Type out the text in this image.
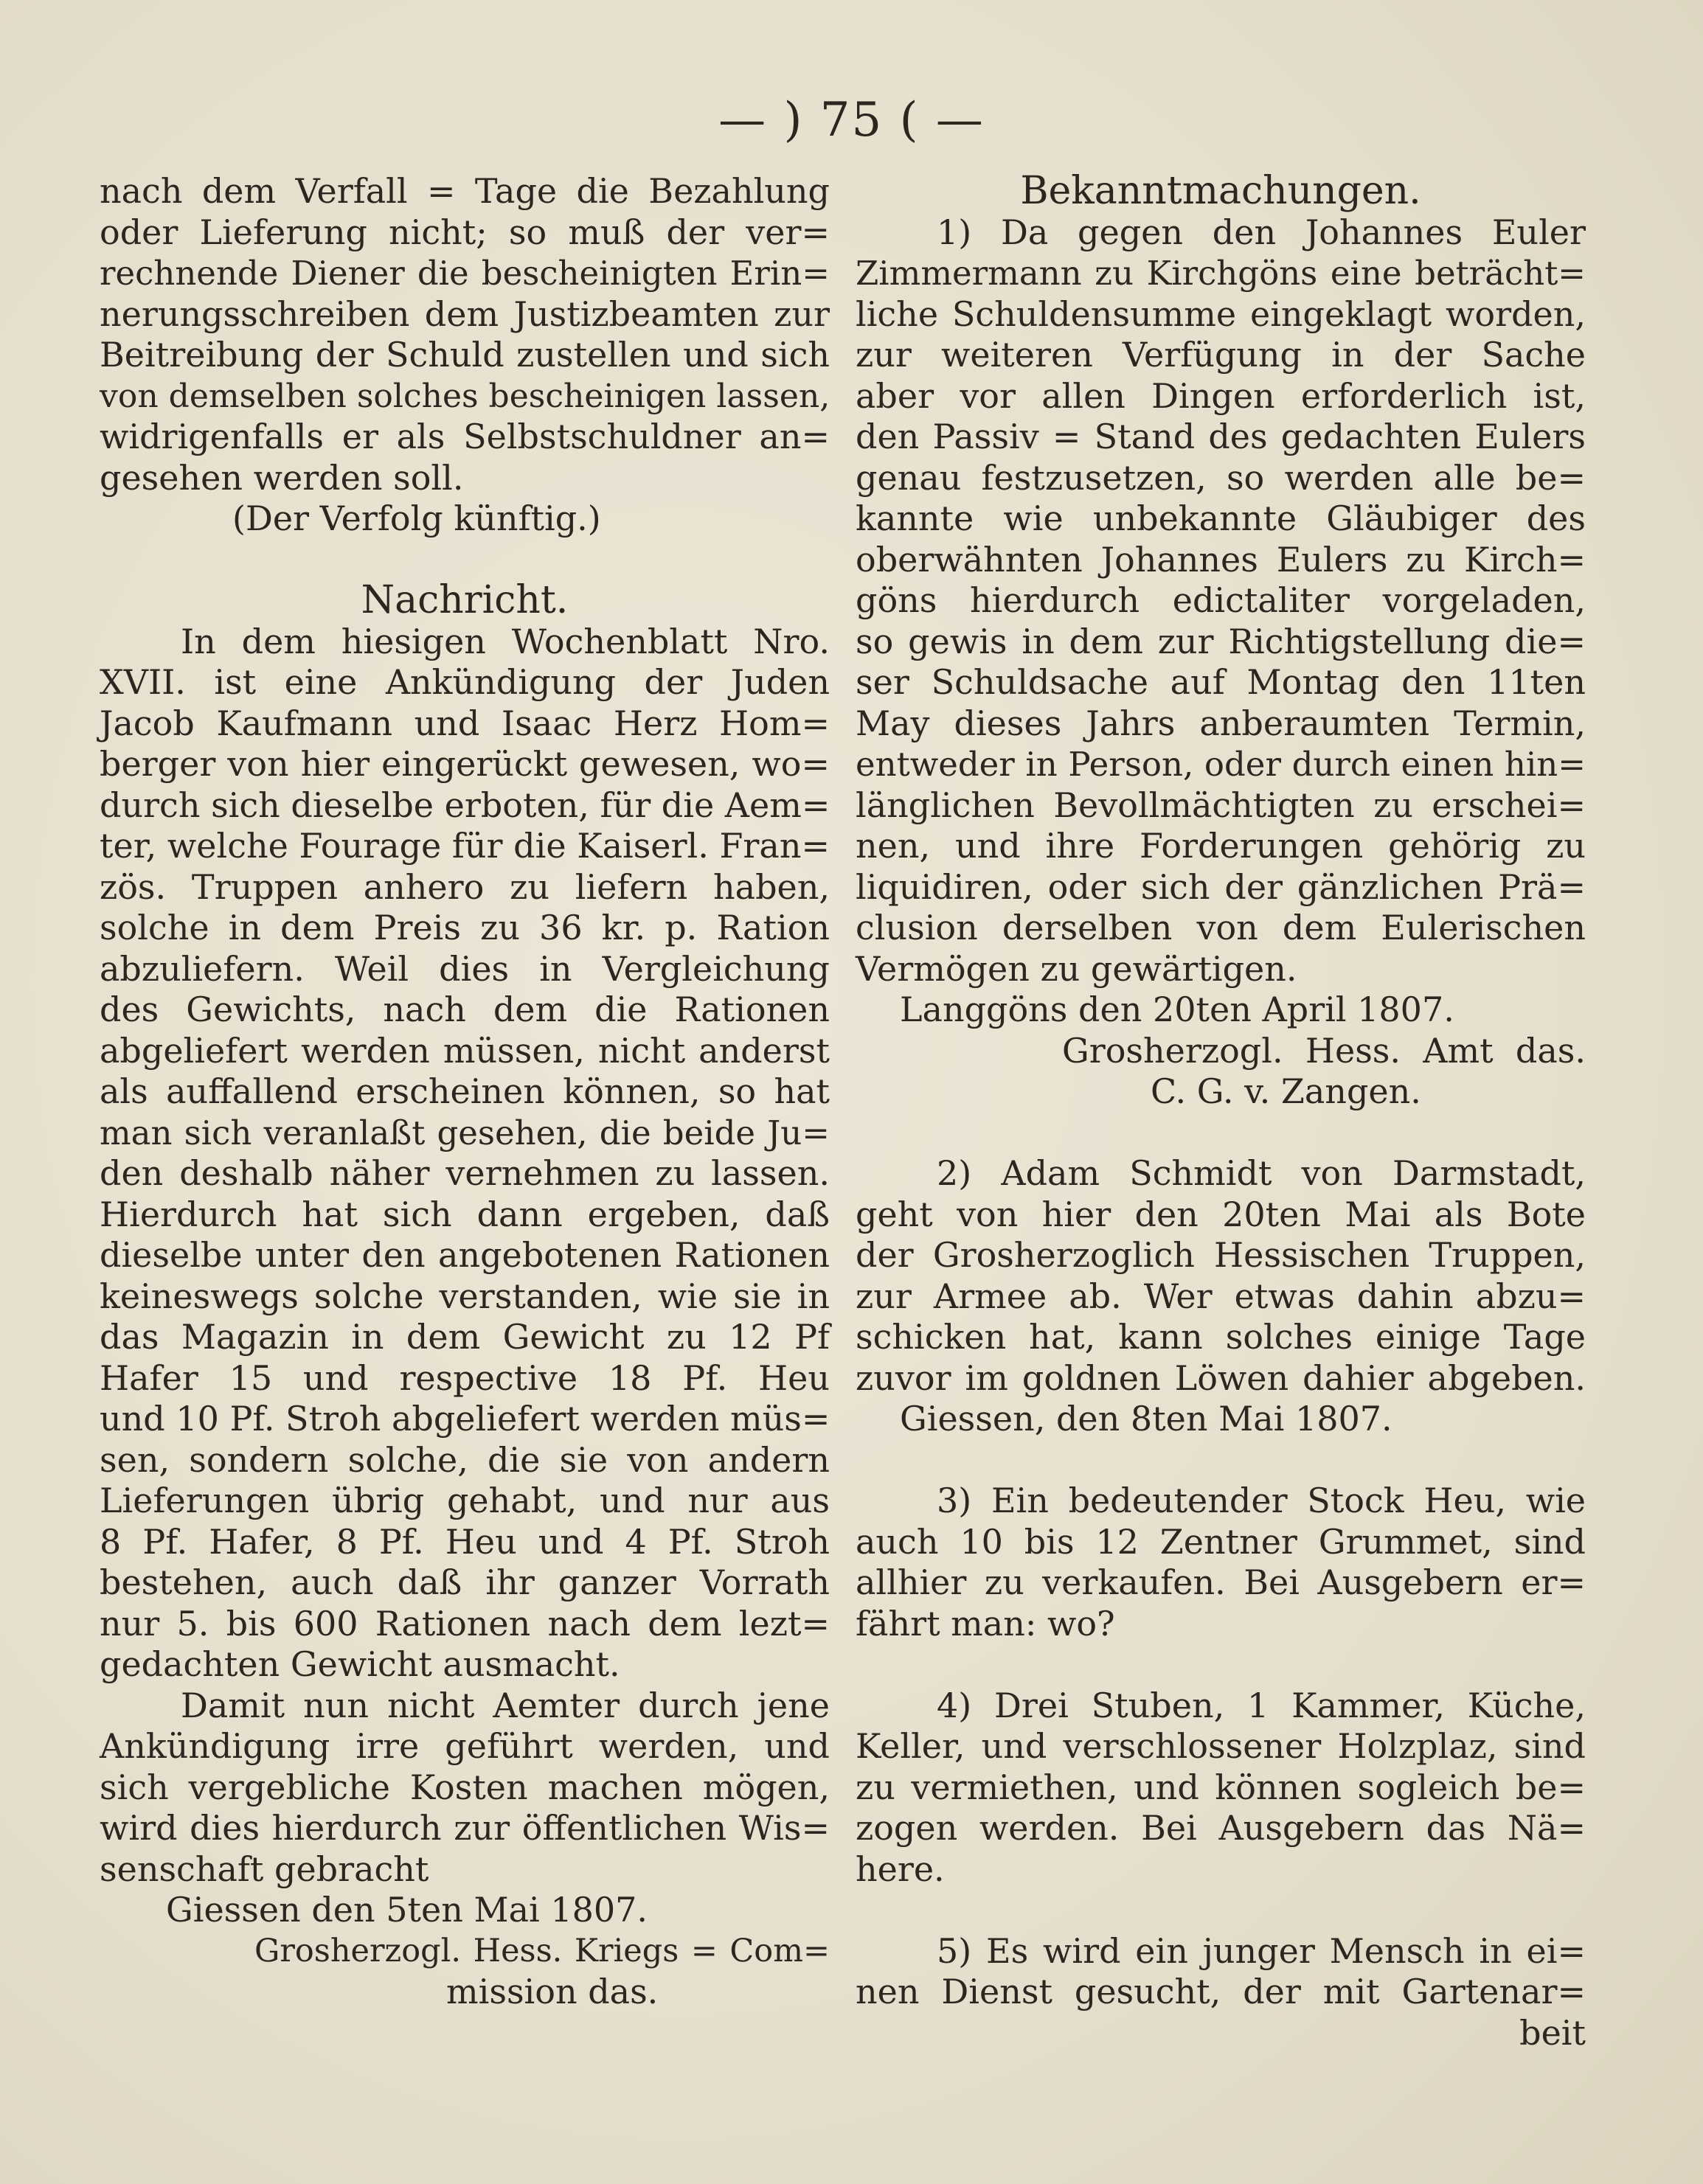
— ) 75 ( —
nach dem Verfall = Tage die Bezahlung
oder Lieferung nicht; so muß der ver=
rechnende Diener die bescheinigten Erin=
nerungsschreiben dem Justizbeamten zur
Beitreibung der Schuld zustellen und sich
von demselben solches bescheinigen lassen,
widrigenfalls er als Selbstschuldner an=
gesehen werden soll.
(Der Verfolg künftig.)
Nachricht.
In dem hiesigen Wochenblatt Nro.
XVII. ist eine Ankündigung der Juden
Jacob Kaufmann und Isaac Herz Hom=
berger von hier eingerückt gewesen, wo=
durch sich dieselbe erboten, für die Aem=
ter, welche Fourage für die Kaiserl. Fran=
zös. Truppen anhero zu liefern haben,
solche in dem Preis zu 36 kr. p. Ration
abzuliefern. Weil dies in Vergleichung
des Gewichts, nach dem die Rationen
abgeliefert werden müssen, nicht anderst
als auffallend erscheinen können, so hat
man sich veranlaßt gesehen, die beide Ju=
den deshalb näher vernehmen zu lassen.
Hierdurch hat sich dann ergeben, daß
dieselbe unter den angebotenen Rationen
keineswegs solche verstanden, wie sie in
das Magazin in dem Gewicht zu 12 Pf
Hafer 15 und respective 18 Pf. Heu
und 10 Pf. Stroh abgeliefert werden müs=
sen, sondern solche, die sie von andern
Lieferungen übrig gehabt, und nur aus
8 Pf. Hafer, 8 Pf. Heu und 4 Pf. Stroh
bestehen, auch daß ihr ganzer Vorrath
nur 5. bis 600 Rationen nach dem lezt=
gedachten Gewicht ausmacht.
Damit nun nicht Aemter durch jene
Ankündigung irre geführt werden, und
sich vergebliche Kosten machen mögen,
wird dies hierdurch zur öffentlichen Wis=
senschaft gebracht
Giessen den 5ten Mai 1807.
Grosherzogl. Hess. Kriegs = Com=
mission das.
Bekanntmachungen.
1) Da gegen den Johannes Euler
Zimmermann zu Kirchgöns eine beträcht=
liche Schuldensumme eingeklagt worden,
zur weiteren Verfügung in der Sache
aber vor allen Dingen erforderlich ist,
den Passiv = Stand des gedachten Eulers
genau festzusetzen, so werden alle be=
kannte wie unbekannte Gläubiger des
oberwähnten Johannes Eulers zu Kirch=
göns hierdurch edictaliter vorgeladen,
so gewis in dem zur Richtigstellung die=
ser Schuldsache auf Montag den 11ten
May dieses Jahrs anberaumten Termin,
entweder in Person, oder durch einen hin=
länglichen Bevollmächtigten zu erschei=
nen, und ihre Forderungen gehörig zu
liquidiren, oder sich der gänzlichen Prä=
clusion derselben von dem Eulerischen
Vermögen zu gewärtigen.
Langgöns den 20ten April 1807.
Grosherzogl. Hess. Amt das.
C. G. v. Zangen.
2) Adam Schmidt von Darmstadt,
geht von hier den 20ten Mai als Bote
der Grosherzoglich Hessischen Truppen,
zur Armee ab. Wer etwas dahin abzu=
schicken hat, kann solches einige Tage
zuvor im goldnen Löwen dahier abgeben.
Giessen, den 8ten Mai 1807.
3) Ein bedeutender Stock Heu, wie
auch 10 bis 12 Zentner Grummet, sind
allhier zu verkaufen. Bei Ausgebern er=
fährt man: wo?
4) Drei Stuben, 1 Kammer, Küche,
Keller, und verschlossener Holzplaz, sind
zu vermiethen, und können sogleich be=
zogen werden. Bei Ausgebern das Nä=
here.
5) Es wird ein junger Mensch in ei=
nen Dienst gesucht, der mit Gartenar=
beit
